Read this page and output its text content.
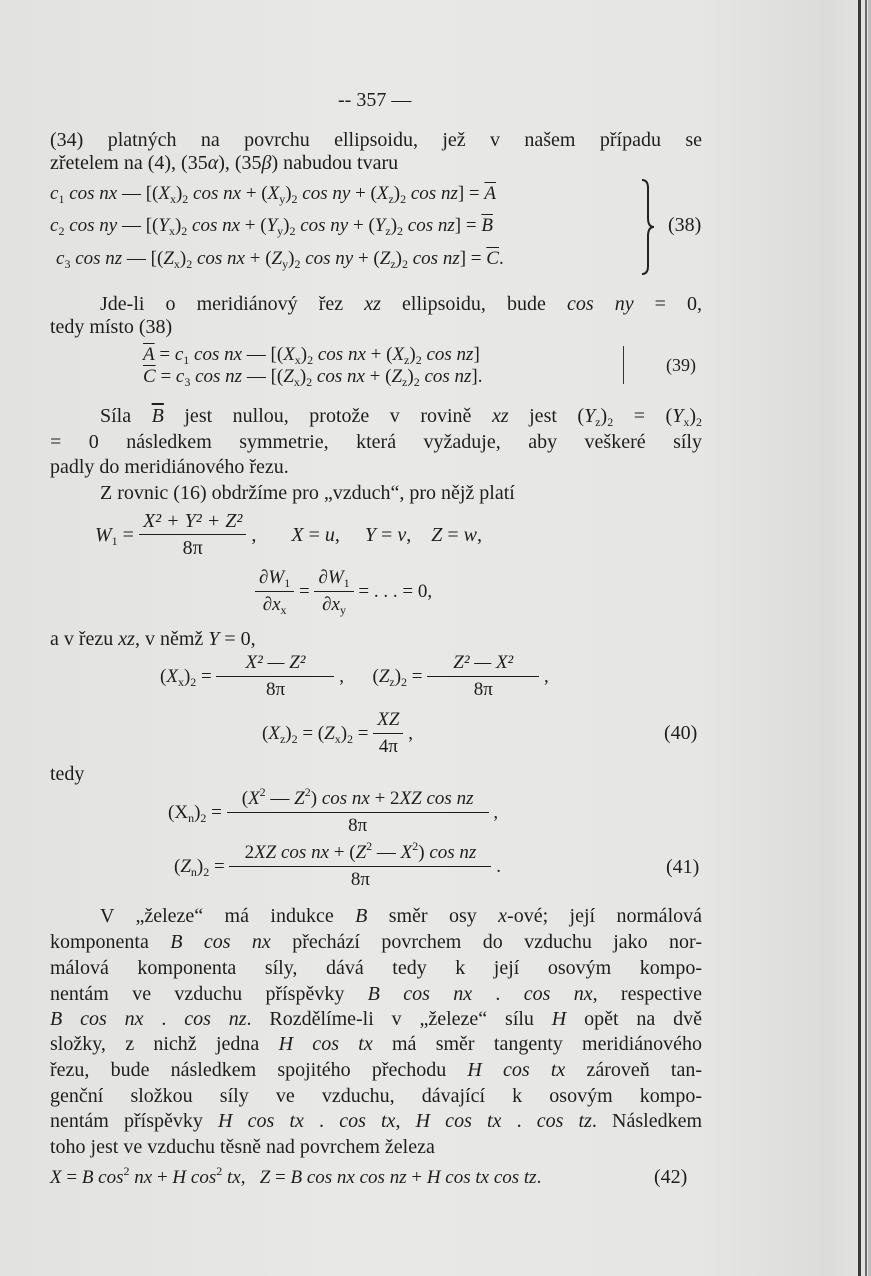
-- 357 —
(34) platných na povrchu ellipsoidu, jež v našem případu se
zřetelem na (4), (35α), (35β) nabudou tvaru
$c_1$ cos nx — [$(X_x)_2$ cos nx + $(X_y)_2$ cos ny + $(X_z)_2$ $\cos nz] = \overline{A}$
$c_2$ cos ny — [$(Y_x)_2$ cos nx + $(Y_y)_2$ cos ny + $(Y_z)_2$ $\cos nz] = \overline{B}$
$c_3$ cos nz — [$(Z_x)_2$ cos nx + $(Z_y)_2$ cos ny + $(Z_z)_2$ $\cos nz] = \overline{C}$.
(38)
Jde-li o meridiánový řez xz ellipsoidu, bude cos ny = 0,
tedy místo (38)
$\overline{A} = c_1$ cos nx — [$(X_x)_2$ cos nx + $(X_z)_2$ cos nz]
$\overline{C} = c_3$ cos nz — [$(Z_x)_2$ cos nx + $(Z_z)_2$ cos nz].
(39)
Síla $\overline{B}$ jest nullou, protože v rovině xz jest $(Y_z)_2 = (Y_x)_2$
= 0 následkem symmetrie, která vyžaduje, aby veškeré síly
padly do meridiánového řezu.
Z rovnic (16) obdržíme pro „vzduch“, pro nějž platí
$W_1 = \frac{\text{X² + Y² + Z²}}{8\pi}$ ,       X = u,     Y = v,    Z = w,
$\frac{\partial W_1}{\partial x_x} = \frac{\partial W_1}{\partial x_y}$ = . . . = 0,
a v řezu xz, v němž Y = 0,
$(X_x)_2 = \frac{\text{X² — Z²}}{8\pi}$ ,      $(Z_z)_2 = \frac{\text{Z² — X²}}{8\pi}$ ,
$(X_z)_2 = (Z_x)_2 = \frac{XZ}{4\pi}$ ,	(40)
tedy
$(X_n)_2 = \frac{(X^2 — Z^2) \cos nx + 2XZ \cos nz}{8\pi}$ ,
$(Z_n)_2 = \frac{2XZ \cos nx + (Z^2 — X^2) \cos nz}{8\pi}$ .	(41)
V „železe“ má indukce B směr osy x-ové; její normálová
komponenta B cos nx přechází povrchem do vzduchu jako nor-
málová komponenta síly, dává tedy k její osovým kompo-
nentám ve vzduchu příspěvky B cos nx . cos nx, respective
B cos nx . cos nz. Rozdělíme-li v „železe“ sílu H opět na dvě
složky, z nichž jedna H cos tx má směr tangenty meridiánového
řezu, bude následkem spojitého přechodu H cos tx zároveň tan-
genční složkou síly ve vzduchu, dávající k osovým kompo-
nentám příspěvky H cos tx . cos tx, H cos tx . cos tz. Následkem
toho jest ve vzduchu těsně nad povrchem železa
X = B $\cos^2$ nx + H $\cos^2$ tx,   Z = B cos nx cos nz + H cos tx cos tz.	(42)
